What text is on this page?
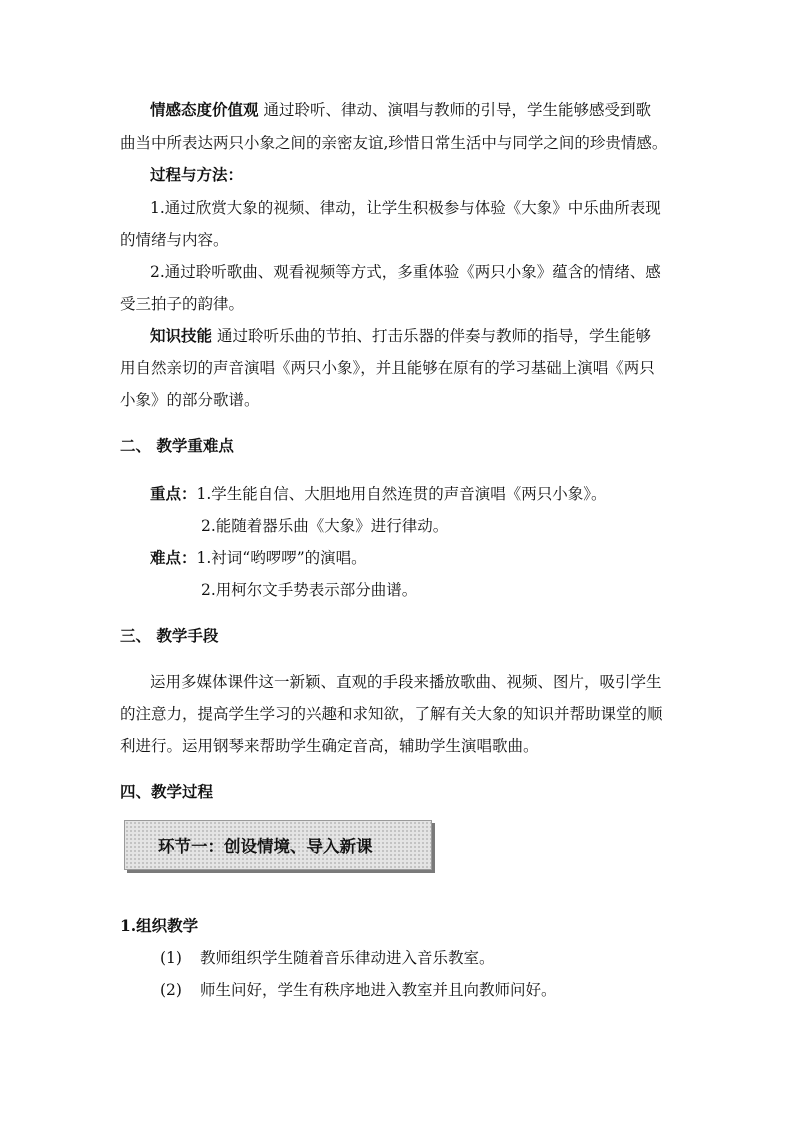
情感态度价值观 通过聆听、律动、演唱与教师的引导，学生能够感受到歌
曲当中所表达两只小象之间的亲密友谊,珍惜日常生活中与同学之间的珍贵情感。
过程与方法：
1.通过欣赏大象的视频、律动，让学生积极参与体验《大象》中乐曲所表现
的情绪与内容。
2.通过聆听歌曲、观看视频等方式，多重体验《两只小象》蕴含的情绪、感
受三拍子的韵律。
知识技能 通过聆听乐曲的节拍、打击乐器的伴奏与教师的指导，学生能够
用自然亲切的声音演唱《两只小象》，并且能够在原有的学习基础上演唱《两只
小象》的部分歌谱。
二、 教学重难点
重点：1.学生能自信、大胆地用自然连贯的声音演唱《两只小象》。
2.能随着器乐曲《大象》进行律动。
难点：1.衬词“哟啰啰”的演唱。
2.用柯尔文手势表示部分曲谱。
三、 教学手段
运用多媒体课件这一新颖、直观的手段来播放歌曲、视频、图片，吸引学生
的注意力，提高学生学习的兴趣和求知欲，了解有关大象的知识并帮助课堂的顺
利进行。运用钢琴来帮助学生确定音高，辅助学生演唱歌曲。
四、教学过程
环节一：创设情境、导入新课
1.组织教学
(1) 教师组织学生随着音乐律动进入音乐教室。
(2) 师生问好，学生有秩序地进入教室并且向教师问好。
